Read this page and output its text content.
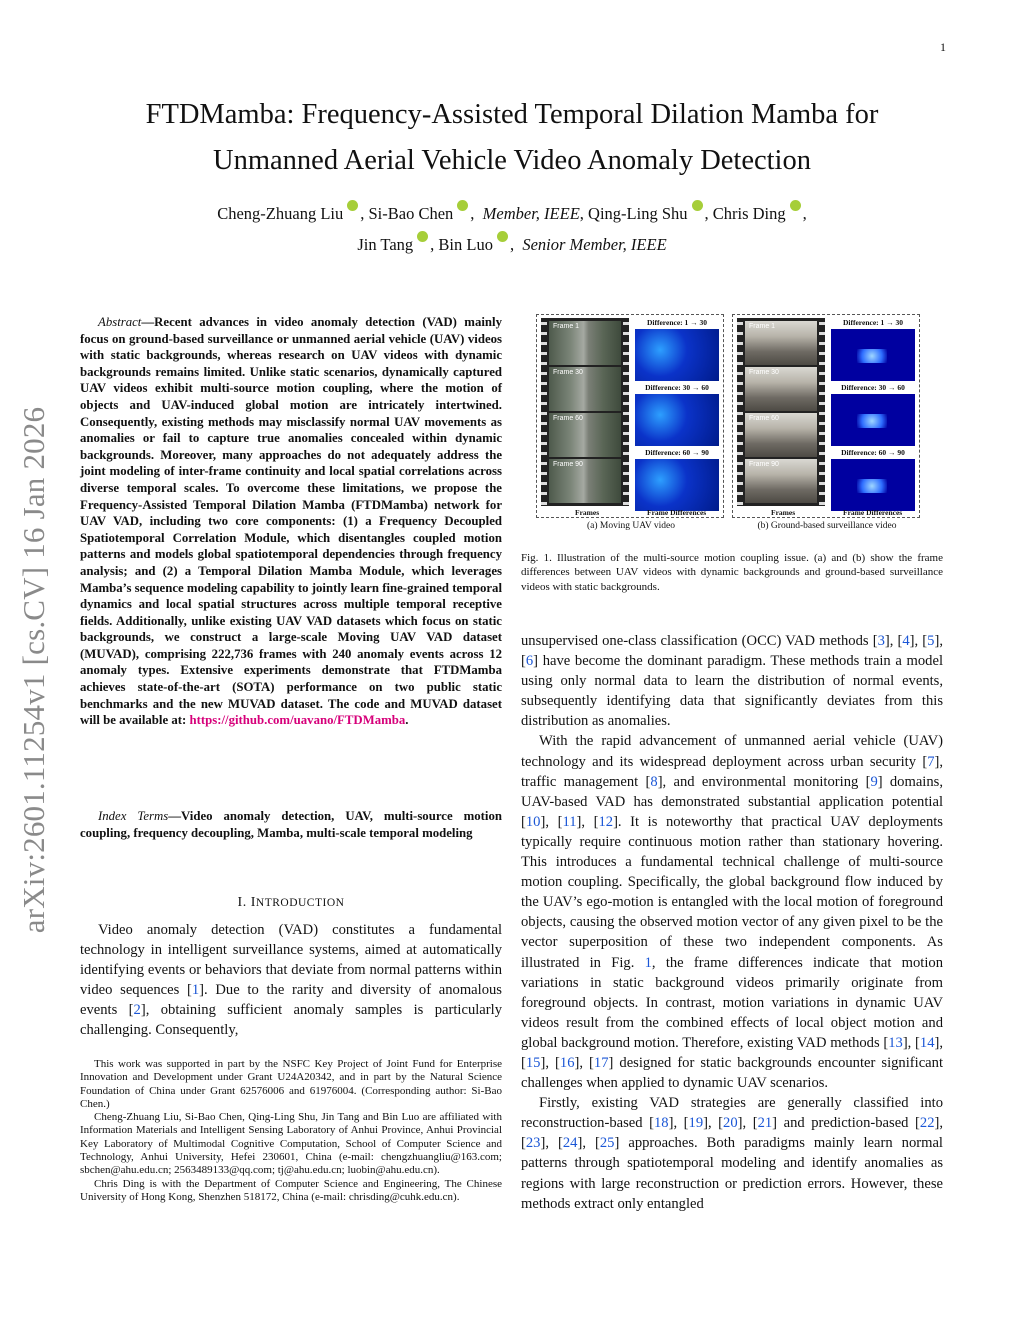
1
arXiv:2601.11254v1 [cs.CV] 16 Jan 2026
FTDMamba: Frequency-Assisted Temporal Dilation Mamba for
Unmanned Aerial Vehicle Video Anomaly Detection
Cheng-Zhuang Liu , Si-Bao Chen ,  Member, IEEE, Qing-Ling Shu , Chris Ding ,
Jin Tang , Bin Luo ,  Senior Member, IEEE
Abstract—Recent advances in video anomaly detection (VAD) mainly focus on ground-based surveillance or unmanned aerial vehicle (UAV) videos with static backgrounds, whereas research on UAV videos with dynamic backgrounds remains limited. Unlike static scenarios, dynamically captured UAV videos exhibit multi-source motion coupling, where the motion of objects and UAV-induced global motion are intricately intertwined. Consequently, existing methods may misclassify normal UAV movements as anomalies or fail to capture true anomalies concealed within dynamic backgrounds. Moreover, many approaches do not adequately address the joint modeling of inter-frame continuity and local spatial correlations across diverse temporal scales. To overcome these limitations, we propose the Frequency-Assisted Temporal Dilation Mamba (FTDMamba) network for UAV VAD, including two core components: (1) a Frequency Decoupled Spatiotemporal Correlation Module, which disentangles coupled motion patterns and models global spatiotemporal dependencies through frequency analysis; and (2) a Temporal Dilation Mamba Module, which leverages Mamba’s sequence modeling capability to jointly learn fine-grained temporal dynamics and local spatial structures across multiple temporal receptive fields. Additionally, unlike existing UAV VAD datasets which focus on static backgrounds, we construct a large-scale Moving UAV VAD dataset (MUVAD), comprising 222,736 frames with 240 anomaly events across 12 anomaly types. Extensive experiments demonstrate that FTDMamba achieves state-of-the-art (SOTA) performance on two public static benchmarks and the new MUVAD dataset. The code and MUVAD dataset will be available at: https://github.com/uavano/FTDMamba.
Index Terms—Video anomaly detection, UAV, multi-source motion coupling, frequency decoupling, Mamba, multi-scale temporal modeling
I. INTRODUCTION

Video anomaly detection (VAD) constitutes a fundamental technology in intelligent surveillance systems, aimed at automatically identifying events or behaviors that deviate from normal patterns within video sequences [1]. Due to the rarity and diversity of anomalous events [2], obtaining sufficient anomaly samples is particularly challenging. Consequently,

This work was supported in part by the NSFC Key Project of Joint Fund for Enterprise Innovation and Development under Grant U24A20342, and in part by the Natural Science Foundation of China under Grant 62576006 and 61976004. (Corresponding author: Si-Bao Chen.)

Cheng-Zhuang Liu, Si-Bao Chen, Qing-Ling Shu, Jin Tang and Bin Luo are affiliated with Information Materials and Intelligent Sensing Laboratory of Anhui Province, Anhui Provincial Key Laboratory of Multimodal Cognitive Computation, School of Computer Science and Technology, Anhui University, Hefei 230601, China (e-mail: chengzhuangliu@163.com; sbchen@ahu.edu.cn; 2563489133@qq.com; tj@ahu.edu.cn; luobin@ahu.edu.cn).

Chris Ding is with the Department of Computer Science and Engineering, The Chinese University of Hong Kong, Shenzhen 518172, China (e-mail: chrisding@cuhk.edu.cn).

Frame 1
Frame 30
Frame 60
Frame 90
Difference: 1 → 30
Difference: 30 → 60
Difference: 60 → 90
Frames	Frame Differences
(a) Moving UAV video
Frame 1
Frame 30
Frame 60
Frame 90
Difference: 1 → 30
Difference: 30 → 60
Difference: 60 → 90
Frames	Frame Differences
(b) Ground-based surveillance video
Fig. 1. Illustration of the multi-source motion coupling issue. (a) and (b) show the frame differences between UAV videos with dynamic backgrounds and ground-based surveillance videos with static backgrounds.

unsupervised one-class classification (OCC) VAD methods [3], [4], [5], [6] have become the dominant paradigm. These methods train a model using only normal data to learn the distribution of normal events, subsequently identifying data that significantly deviates from this distribution as anomalies.

With the rapid advancement of unmanned aerial vehicle (UAV) technology and its widespread deployment across urban security [7], traffic management [8], and environmental monitoring [9] domains, UAV-based VAD has demonstrated substantial application potential [10], [11], [12]. It is noteworthy that practical UAV deployments typically require continuous motion rather than stationary hovering. This introduces a fundamental technical challenge of multi-source motion coupling. Specifically, the global background flow induced by the UAV’s ego-motion is entangled with the local motion of foreground objects, causing the observed motion vector of any given pixel to be the vector superposition of these two independent components. As illustrated in Fig. 1, the frame differences indicate that motion variations in static background videos primarily originate from foreground objects. In contrast, motion variations in dynamic UAV videos result from the combined effects of local object motion and global background motion. Therefore, existing VAD methods [13], [14], [15], [16], [17] designed for static backgrounds encounter significant challenges when applied to dynamic UAV scenarios.

Firstly, existing VAD strategies are generally classified into reconstruction-based [18], [19], [20], [21] and prediction-based [22], [23], [24], [25] approaches. Both paradigms mainly learn normal patterns through spatiotemporal modeling and identify anomalies as regions with large reconstruction or prediction errors. However, these methods extract only entangled
